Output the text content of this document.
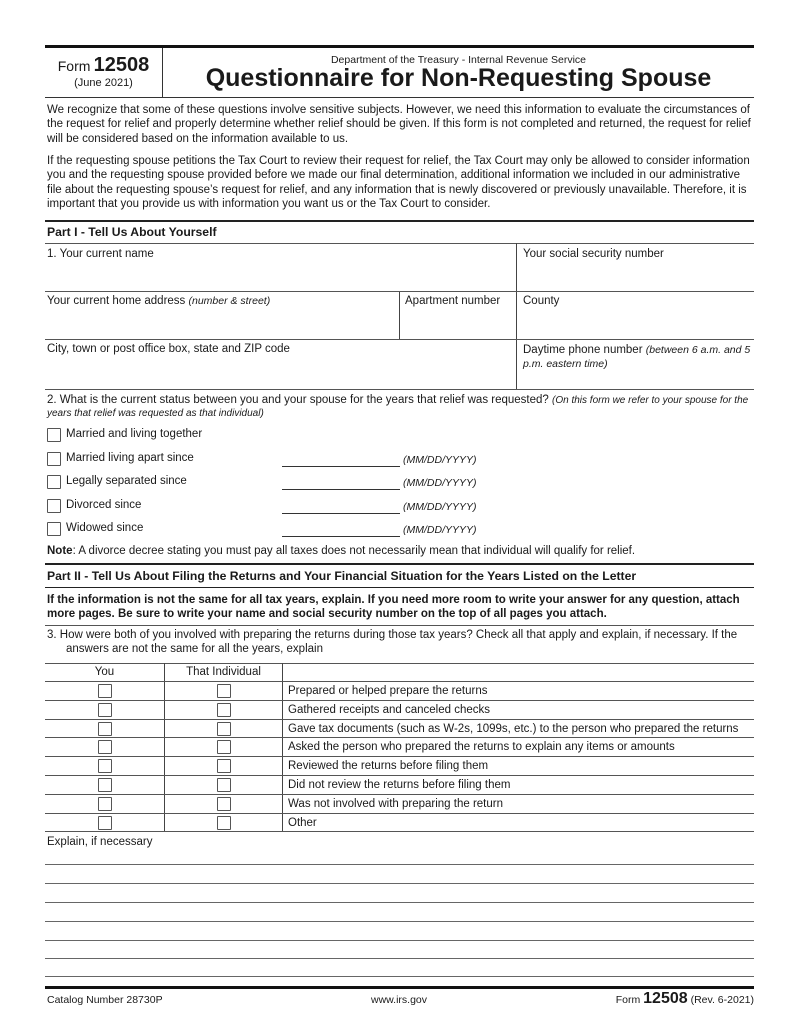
Form 12508
(June 2021)
Department of the Treasury - Internal Revenue Service
Questionnaire for Non-Requesting Spouse
We recognize that some of these questions involve sensitive subjects. However, we need this information to evaluate the circumstances of the request for relief and properly determine whether relief should be given. If this form is not completed and returned, the request for relief will be considered based on the information available to us.
If the requesting spouse petitions the Tax Court to review their request for relief, the Tax Court may only be allowed to consider information you and the requesting spouse provided before we made our final determination, additional information we included in our administrative file about the requesting spouse’s request for relief, and any information that is newly discovered or previously unavailable. Therefore, it is important that you provide us with information you want us or the Tax Court to consider.
Part I - Tell Us About Yourself
1. Your current name	Your social security number
Your current home address (number & street)	Apartment number	County
City, town or post office box, state and ZIP code	Daytime phone number (between 6 a.m. and 5 p.m. eastern time)
2. What is the current status between you and your spouse for the years that relief was requested? (On this form we refer to your spouse for the years that relief was requested as that individual)
Married and living together
Married living apart since	(MM/DD/YYYY)
Legally separated since	(MM/DD/YYYY)
Divorced since	(MM/DD/YYYY)
Widowed since	(MM/DD/YYYY)
Note: A divorce decree stating you must pay all taxes does not necessarily mean that individual will qualify for relief.
Part II - Tell Us About Filing the Returns and Your Financial Situation for the Years Listed on the Letter
If the information is not the same for all tax years, explain. If you need more room to write your answer for any question, attach more pages. Be sure to write your name and social security number on the top of all pages you attach.
3. How were both of you involved with preparing the returns during those tax years? Check all that apply and explain, if necessary. If the answers are not the same for all the years, explain
You	That Individual
Prepared or helped prepare the returns
Gathered receipts and canceled checks
Gave tax documents (such as W-2s, 1099s, etc.) to the person who prepared the returns
Asked the person who prepared the returns to explain any items or amounts
Reviewed the returns before filing them
Did not review the returns before filing them
Was not involved with preparing the return
Other
Explain, if necessary
Catalog Number 28730P	www.irs.gov	Form 12508 (Rev. 6-2021)
